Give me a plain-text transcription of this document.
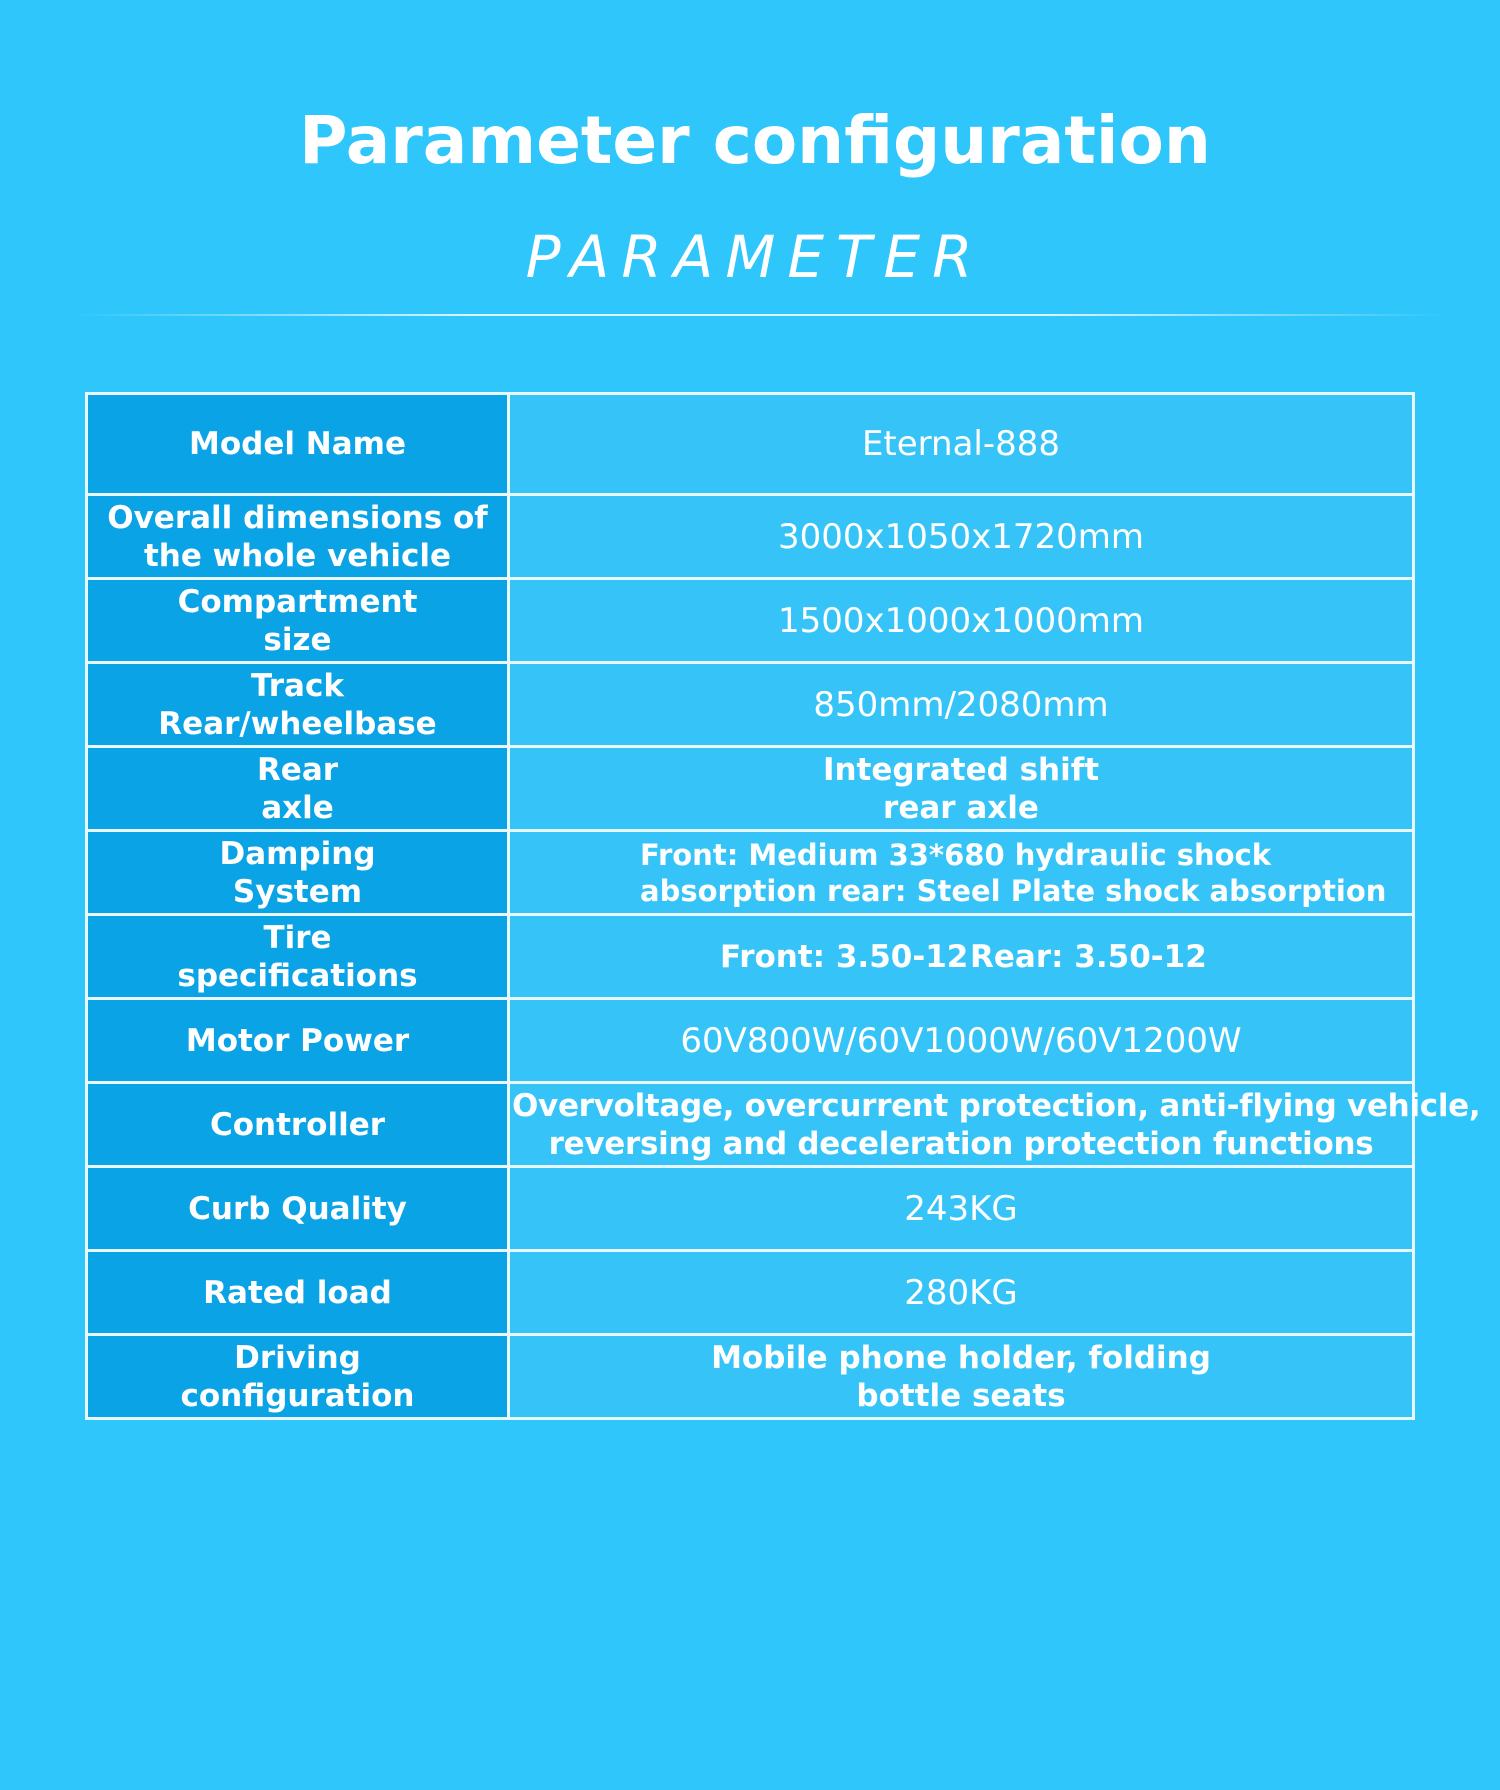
Parameter configuration
PARAMETER
Model Name	Eternal-888
Overall dimensions of the whole vehicle	3000x1050x1720mm
Compartment size	1500x1000x1000mm
Track Rear/wheelbase	850mm/2080mm
Rear axle	Integrated shift rear axle
Damping System	Front: Medium 33*680 hydraulic shock absorption rear: Steel Plate shock absorption
Tire specifications	Front: 3.50-12 Rear: 3.50-12

Motor Power	60V800W/60V1000W/60V1200W
Controller	Overvoltage, overcurrent protection, anti-flying vehicle,
reversing and deceleration protection functions

Curb Quality	243KG
Rated load	280KG
Driving configuration	Mobile phone holder, folding bottle seats
